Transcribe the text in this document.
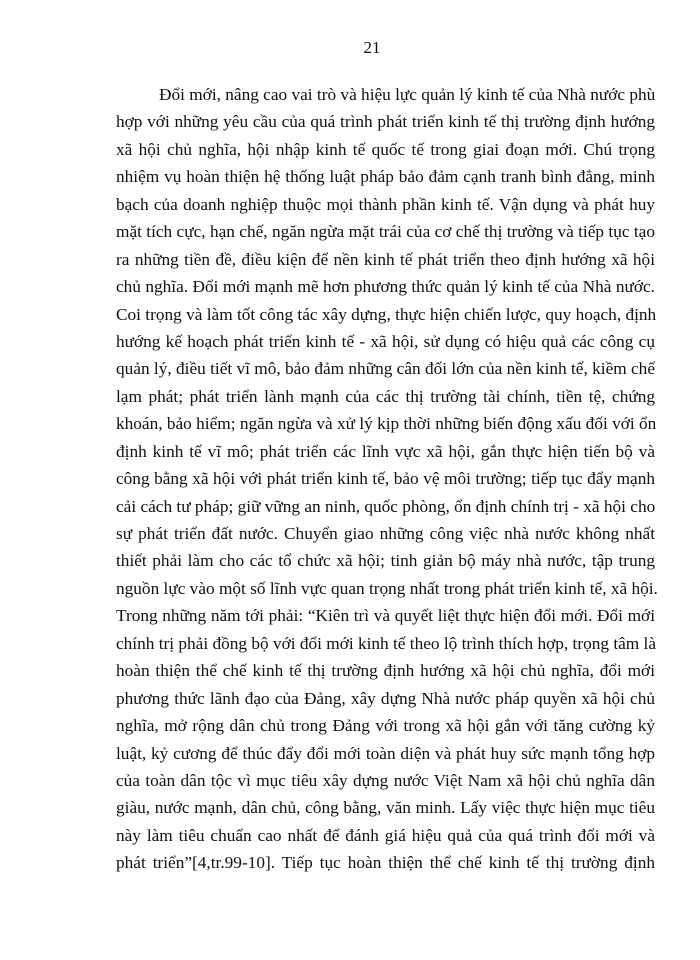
21
Đổi mới, nâng cao vai trò và hiệu lực quản lý kinh tế của Nhà nước phù
hợp với những yêu cầu của quá trình phát triển kinh tế thị trường định hướng
xã hội chủ nghĩa, hội nhập kinh tế quốc tế trong giai đoạn mới. Chú trọng
nhiệm vụ hoàn thiện hệ thống luật pháp bảo đảm cạnh tranh bình đẳng, minh
bạch của doanh nghiệp thuộc mọi thành phần kinh tế. Vận dụng và phát huy
mặt tích cực, hạn chế, ngăn ngừa mặt trái của cơ chế thị trường và tiếp tục tạo
ra những tiền đề, điều kiện để nền kinh tế phát triển theo định hướng xã hội
chủ nghĩa. Đổi mới mạnh mẽ hơn phương thức quản lý kinh tế của Nhà nước.
Coi trọng và làm tốt công tác xây dựng, thực hiện chiến lược, quy hoạch, định
hướng kế hoạch phát triển kinh tế - xã hội, sử dụng có hiệu quả các công cụ
quản lý, điều tiết vĩ mô, bảo đảm những cân đối lớn của nền kinh tế, kiềm chế
lạm phát; phát triển lành mạnh của các thị trường tài chính, tiền tệ, chứng
khoán, bảo hiểm; ngăn ngừa và xử lý kịp thời những biến động xấu đối với ổn
định kinh tế vĩ mô; phát triển các lĩnh vực xã hội, gắn thực hiện tiến bộ và
công bằng xã hội với phát triển kinh tế, bảo vệ môi trường; tiếp tục đẩy mạnh
cải cách tư pháp; giữ vững an ninh, quốc phòng, ổn định chính trị - xã hội cho
sự phát triển đất nước. Chuyển giao những công việc nhà nước không nhất
thiết phải làm cho các tổ chức xã hội; tinh giản bộ máy nhà nước, tập trung
nguồn lực vào một số lĩnh vực quan trọng nhất trong phát triển kinh tế, xã hội.
Trong những năm tới phải: “Kiên trì và quyết liệt thực hiện đổi mới. Đổi mới
chính trị phải đồng bộ với đổi mới kinh tế theo lộ trình thích hợp, trọng tâm là
hoàn thiện thể chế kinh tế thị trường định hướng xã hội chủ nghĩa, đổi mới
phương thức lãnh đạo của Đảng, xây dựng Nhà nước pháp quyền xã hội chủ
nghĩa, mở rộng dân chủ trong Đảng với trong xã hội gắn với tăng cường kỷ
luật, kỷ cương để thúc đẩy đổi mới toàn diện và phát huy sức mạnh tổng hợp
của toàn dân tộc vì mục tiêu xây dựng nước Việt Nam xã hội chủ nghĩa dân
giàu, nước mạnh, dân chủ, công bằng, văn minh. Lấy việc thực hiện mục tiêu
này làm tiêu chuẩn cao nhất để đánh giá hiệu quả của quá trình đổi mới và
phát triển”[4,tr.99-10]. Tiếp tục hoàn thiện thể chế kinh tế thị trường định
